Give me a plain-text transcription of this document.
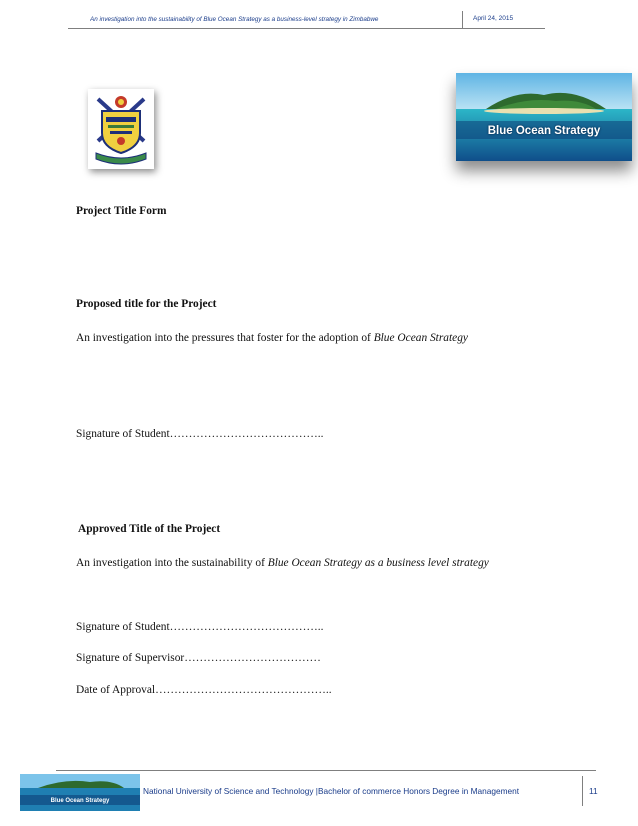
An investigation into the sustainability of Blue Ocean Strategy as a business-level strategy in Zimbabwe	April 24, 2015
Blue Ocean Strategy
Project Title Form
Proposed title for the Project
An investigation into the pressures that foster for the adoption of Blue Ocean Strategy
Signature of Student…………………………………..
Approved Title of the Project
An investigation into the sustainability of Blue Ocean Strategy as a business level strategy
Signature of Student…………………………………..
Signature of Supervisor………………………………
Date of Approval………………………………………..
Blue Ocean Strategy
National University of Science and Technology |Bachelor of commerce Honors Degree in Management	11
